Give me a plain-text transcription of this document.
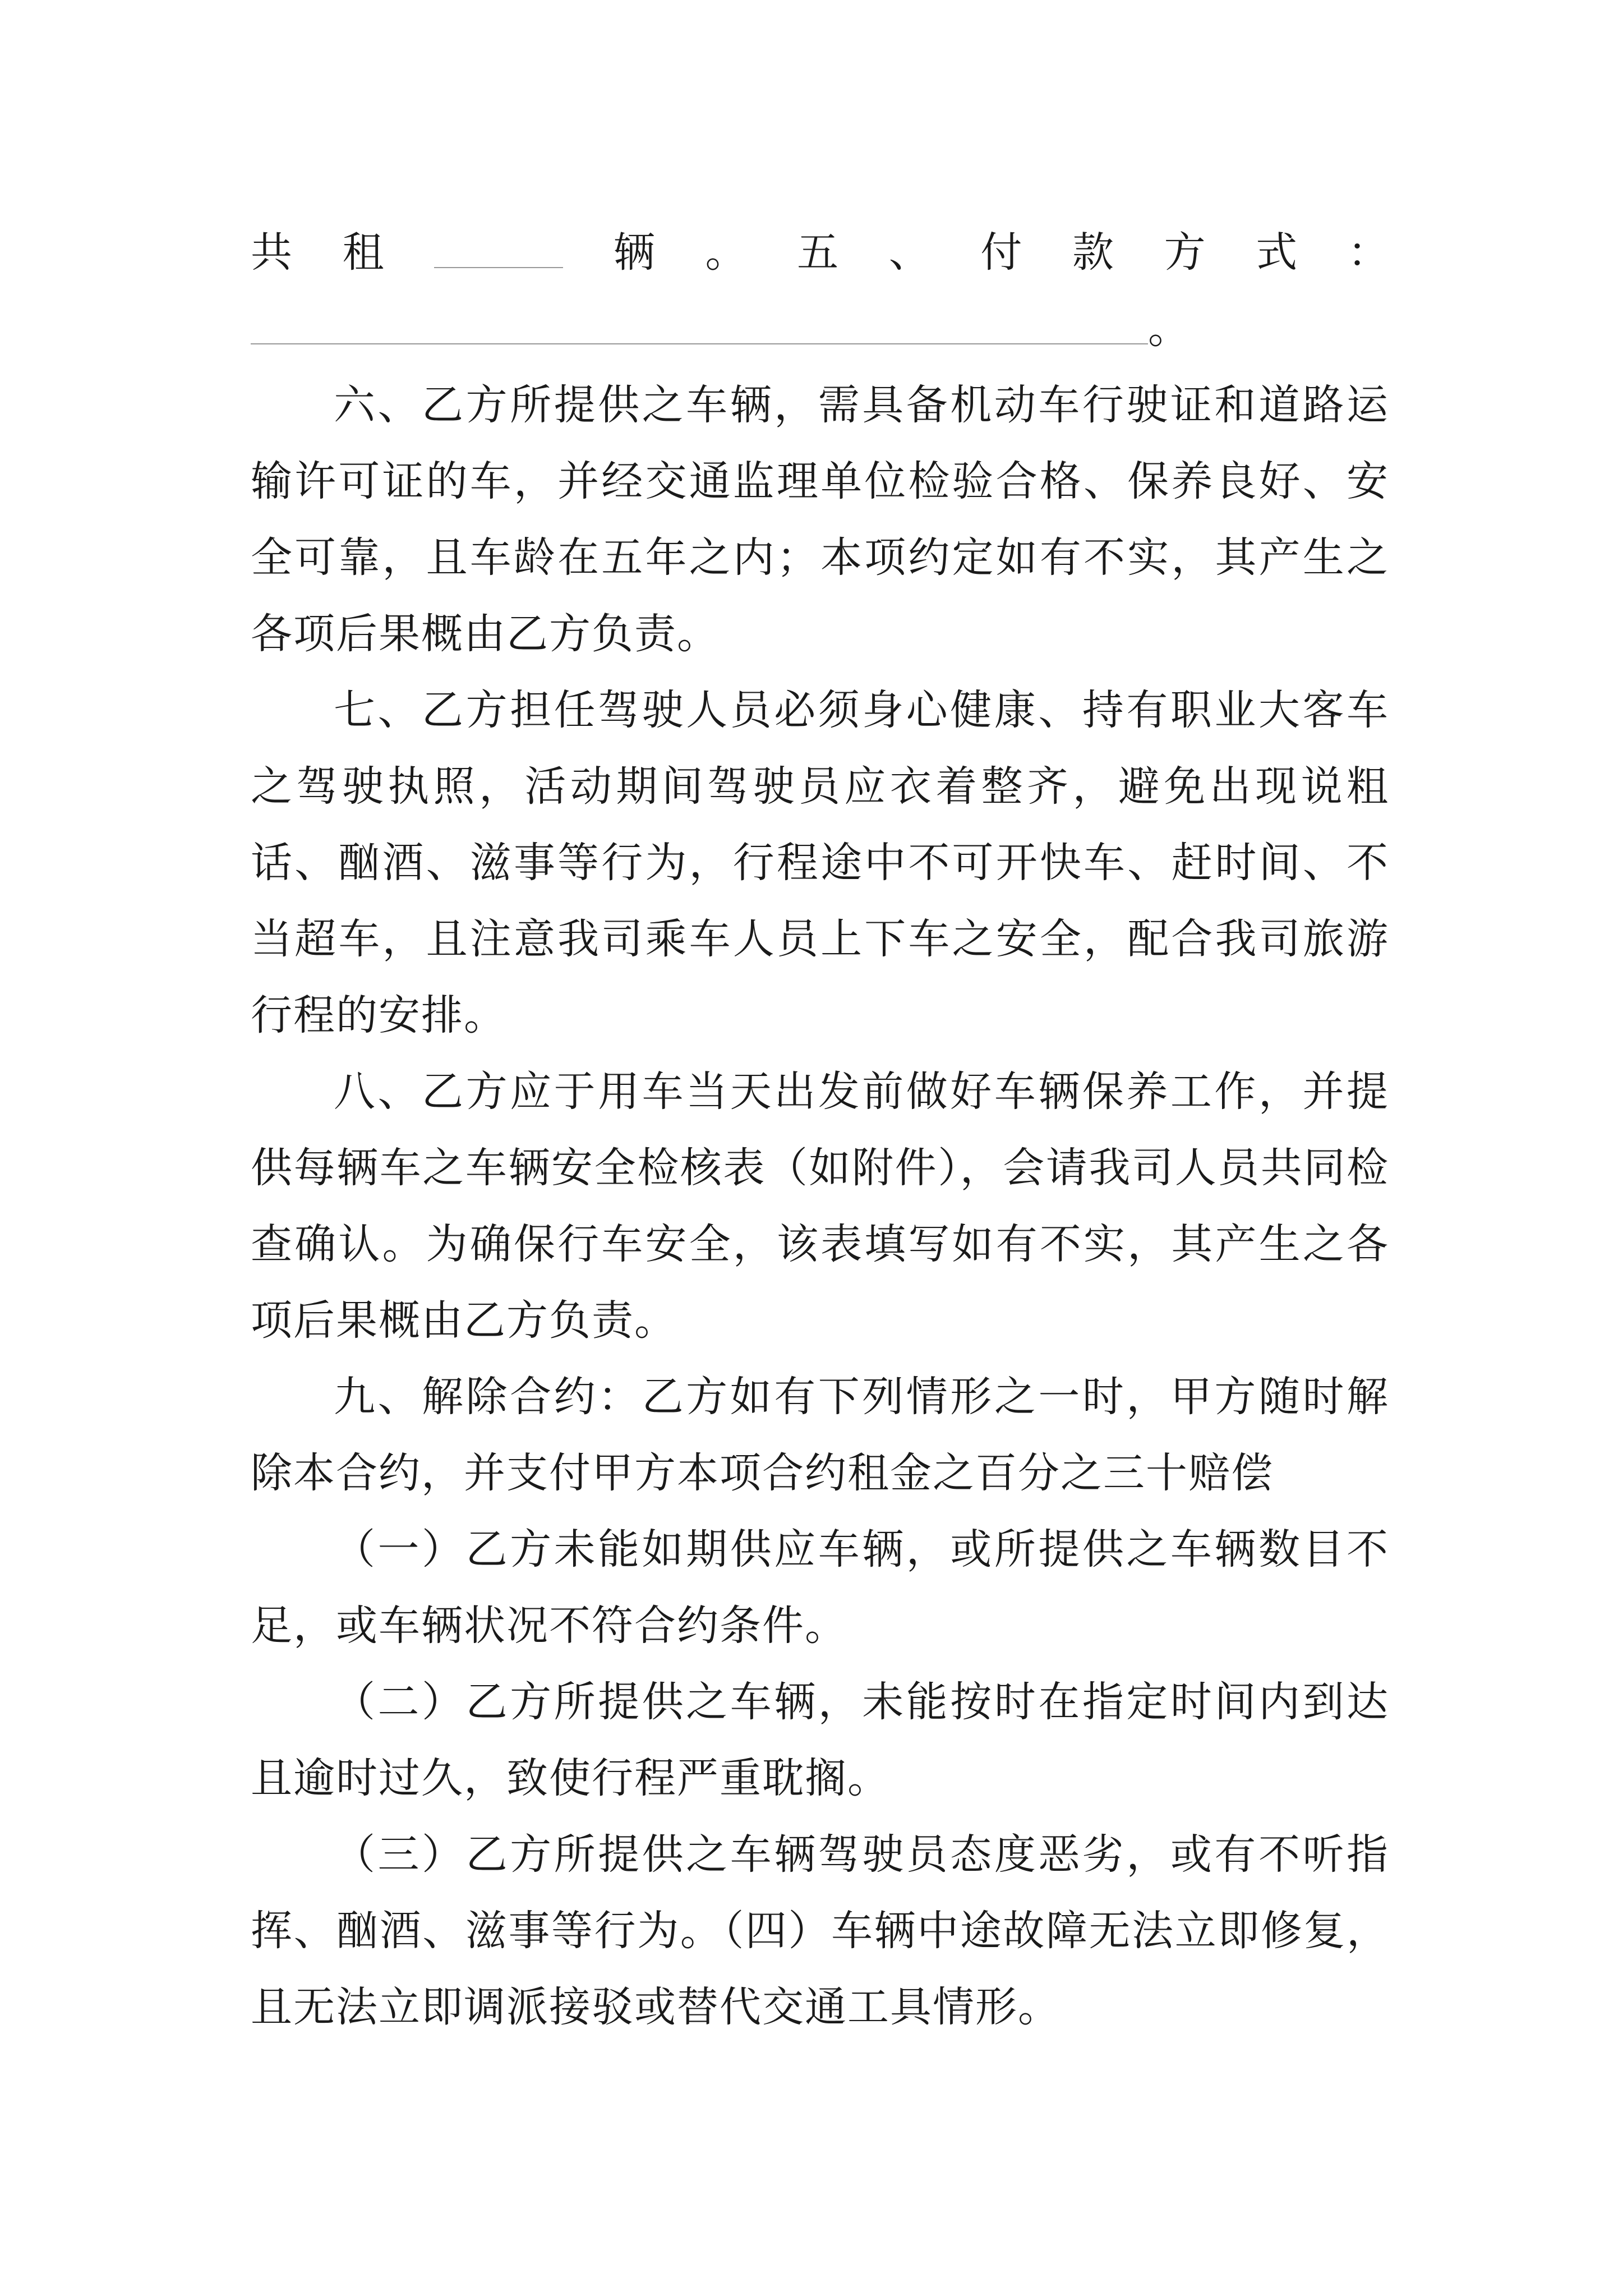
共 租	辆 。 五 、 付 款 方 式 ：
。

六、乙方所提供之车辆，需具备机动车行驶证和道路运输许可证的车，并经交通监理单位检验合格、保养良好、安全可靠，且车龄在五年之内；本项约定如有不实，其产生之各项后果概由乙方负责。

七、乙方担任驾驶人员必须身心健康、持有职业大客车之驾驶执照，活动期间驾驶员应衣着整齐，避免出现说粗话、酗酒、滋事等行为，行程途中不可开快车、赶时间、不当超车，且注意我司乘车人员上下车之安全，配合我司旅游行程的安排。

八、乙方应于用车当天出发前做好车辆保养工作，并提供每辆车之车辆安全检核表（如附件），会请我司人员共同检查确认。为确保行车安全，该表填写如有不实，其产生之各项后果概由乙方负责。

九、解除合约：乙方如有下列情形之一时，甲方随时解除本合约，并支付甲方本项合约租金之百分之三十赔偿

（一）乙方未能如期供应车辆，或所提供之车辆数目不足，或车辆状况不符合约条件。

（二）乙方所提供之车辆，未能按时在指定时间内到达且逾时过久，致使行程严重耽搁。

（三）乙方所提供之车辆驾驶员态度恶劣，或有不听指挥、酗酒、滋事等行为。（四）车辆中途故障无法立即修复，且无法立即调派接驳或替代交通工具情形。
